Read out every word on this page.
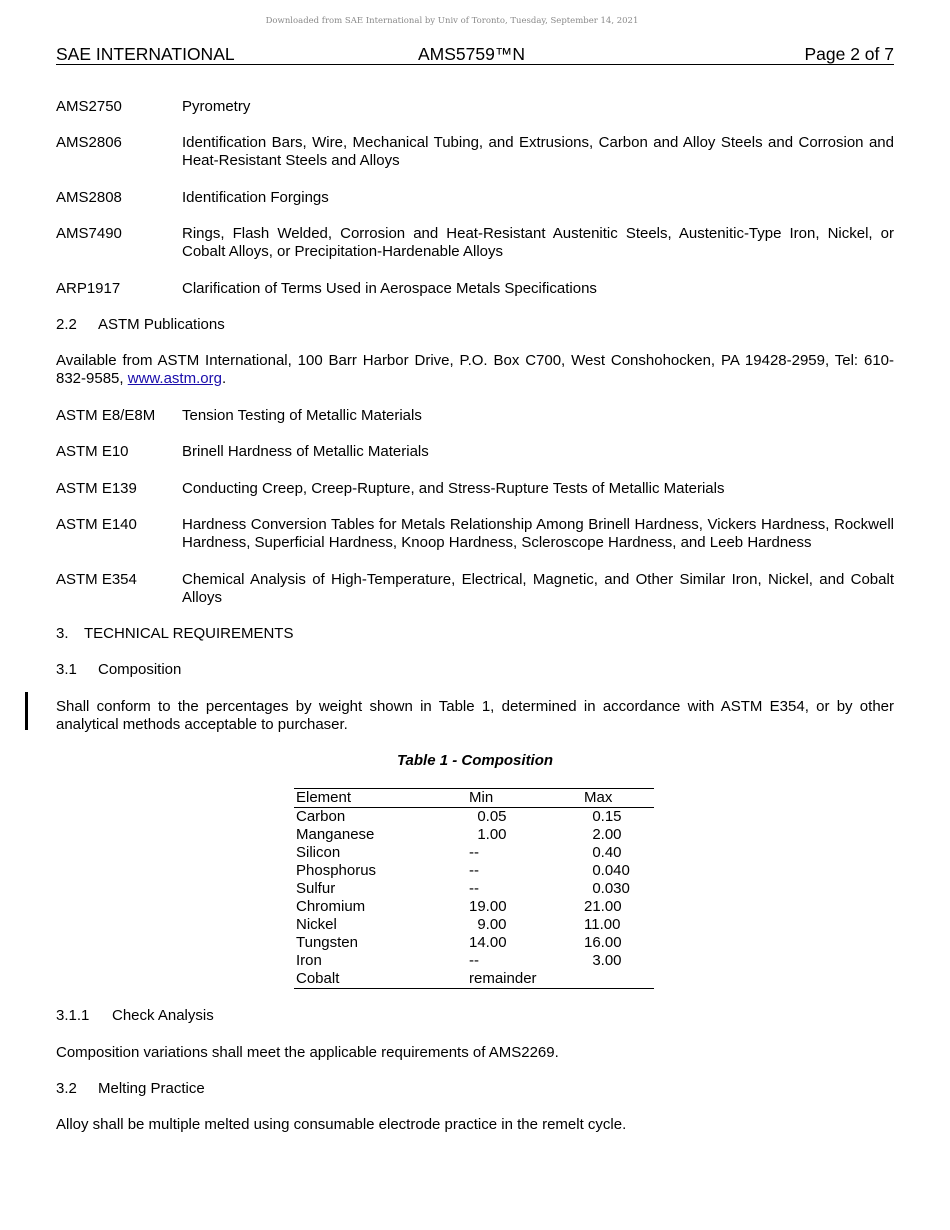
Downloaded from SAE International by Univ of Toronto, Tuesday, September 14, 2021
SAE INTERNATIONAL	AMS5759™N	Page 2 of 7
AMS2750	Pyrometry
AMS2806	Identification Bars, Wire, Mechanical Tubing, and Extrusions, Carbon and Alloy Steels and Corrosion and Heat-Resistant Steels and Alloys
AMS2808	Identification Forgings
AMS7490	Rings, Flash Welded, Corrosion and Heat-Resistant Austenitic Steels, Austenitic-Type Iron, Nickel, or Cobalt Alloys, or Precipitation-Hardenable Alloys
ARP1917	Clarification of Terms Used in Aerospace Metals Specifications
2.2 ASTM Publications
Available from ASTM International, 100 Barr Harbor Drive, P.O. Box C700, West Conshohocken, PA 19428-2959, Tel: 610-832-9585, www.astm.org.
ASTM E8/E8M	Tension Testing of Metallic Materials
ASTM E10	Brinell Hardness of Metallic Materials
ASTM E139	Conducting Creep, Creep-Rupture, and Stress-Rupture Tests of Metallic Materials
ASTM E140	Hardness Conversion Tables for Metals Relationship Among Brinell Hardness, Vickers Hardness, Rockwell Hardness, Superficial Hardness, Knoop Hardness, Scleroscope Hardness, and Leeb Hardness
ASTM E354	Chemical Analysis of High-Temperature, Electrical, Magnetic, and Other Similar Iron, Nickel, and Cobalt Alloys
3. TECHNICAL REQUIREMENTS
3.1 Composition
Shall conform to the percentages by weight shown in Table 1, determined in accordance with ASTM E354, or by other analytical methods acceptable to purchaser.
Table 1 - Composition
Element	Min	Max
Carbon	0.05	0.15
Manganese	1.00	2.00
Silicon	--	0.40
Phosphorus	--	0.040
Sulfur	--	0.030
Chromium	19.00	21.00
Nickel	9.00	11.00
Tungsten	14.00	16.00
Iron	--	3.00
Cobalt	remainder
3.1.1 Check Analysis
Composition variations shall meet the applicable requirements of AMS2269.
3.2 Melting Practice
Alloy shall be multiple melted using consumable electrode practice in the remelt cycle.
